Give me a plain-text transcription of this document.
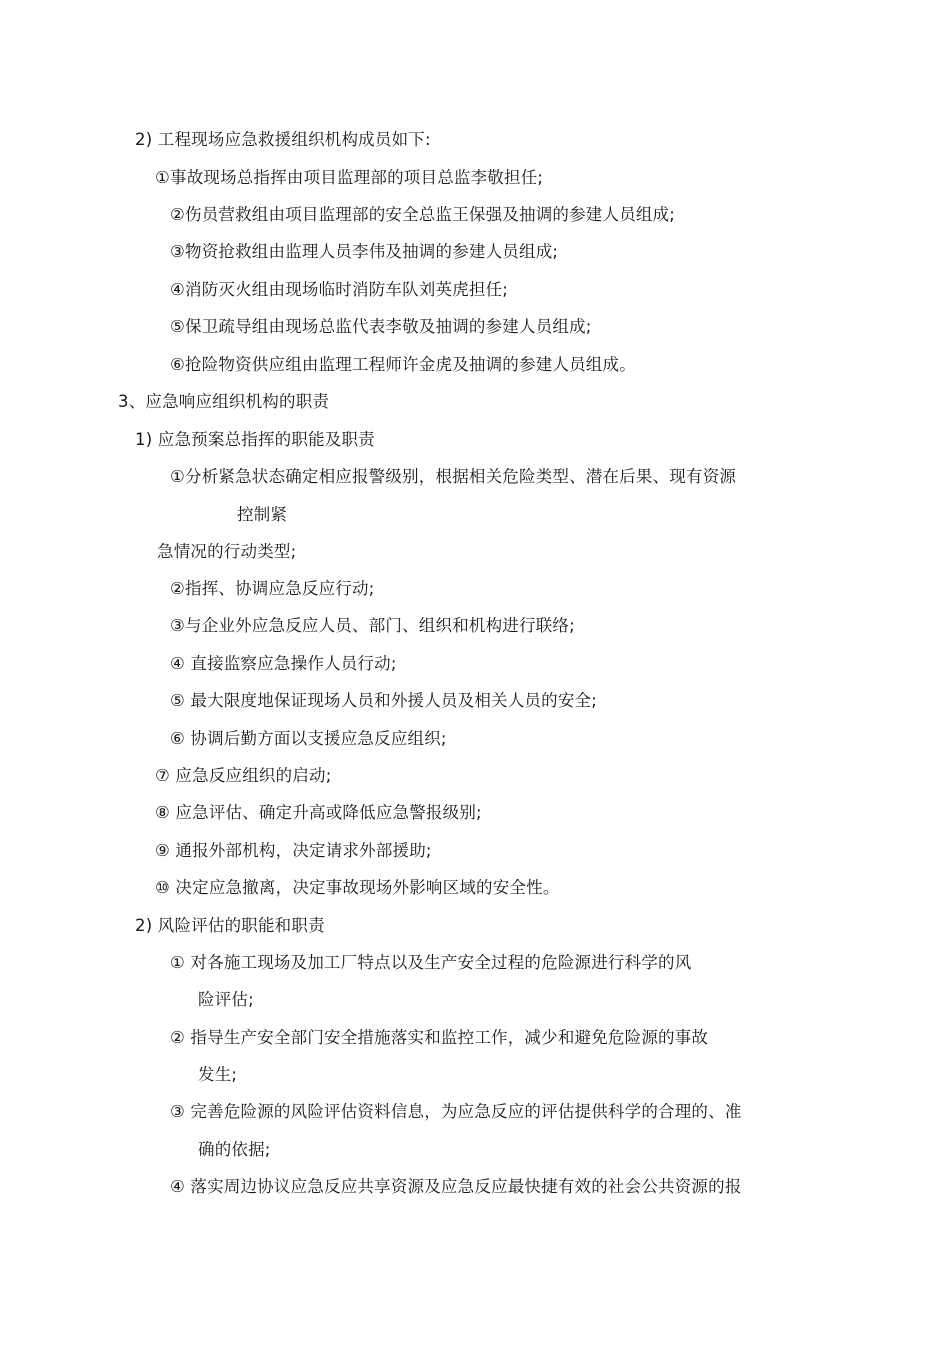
2) 工程现场应急救援组织机构成员如下:
①事故现场总指挥由项目监理部的项目总监李敬担任;
②伤员营救组由项目监理部的安全总监王保强及抽调的参建人员组成;
③物资抢救组由监理人员李伟及抽调的参建人员组成;
④消防灭火组由现场临时消防车队刘英虎担任;
⑤保卫疏导组由现场总监代表李敬及抽调的参建人员组成;
⑥抢险物资供应组由监理工程师许金虎及抽调的参建人员组成。
3、应急响应组织机构的职责
1) 应急预案总指挥的职能及职责
①分析紧急状态确定相应报警级别，根据相关危险类型、潜在后果、现有资源
控制紧
急情况的行动类型;
②指挥、协调应急反应行动;
③与企业外应急反应人员、部门、组织和机构进行联络;
④ 直接监察应急操作人员行动;
⑤ 最大限度地保证现场人员和外援人员及相关人员的安全;
⑥ 协调后勤方面以支援应急反应组织;
⑦ 应急反应组织的启动;
⑧ 应急评估、确定升高或降低应急警报级别;
⑨ 通报外部机构，决定请求外部援助;
⑩ 决定应急撤离，决定事故现场外影响区域的安全性。
2) 风险评估的职能和职责
① 对各施工现场及加工厂特点以及生产安全过程的危险源进行科学的风
险评估;
② 指导生产安全部门安全措施落实和监控工作，减少和避免危险源的事故
发生;
③ 完善危险源的风险评估资料信息，为应急反应的评估提供科学的合理的、准
确的依据;
④ 落实周边协议应急反应共享资源及应急反应最快捷有效的社会公共资源的报
